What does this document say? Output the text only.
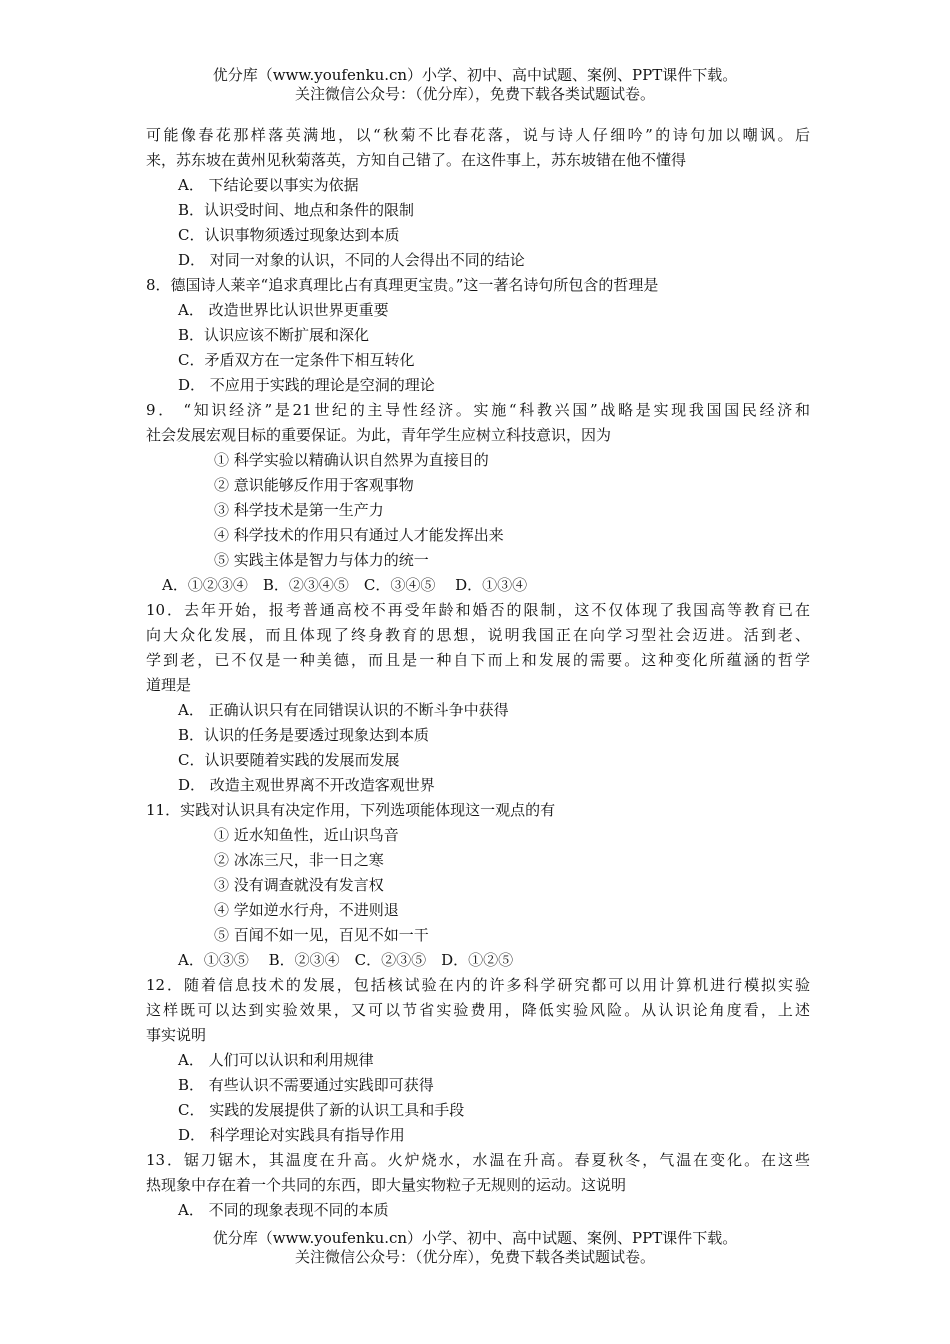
优分库（www.youfenku.cn）小学、初中、高中试题、案例、PPT课件下载。
关注微信公众号：（优分库），免费下载各类试题试卷。
可能像春花那样落英满地，以“秋菊不比春花落，说与诗人仔细吟”的诗句加以嘲讽。后
来，苏东坡在黄州见秋菊落英，方知自己错了。在这件事上，苏东坡错在他不懂得
A． 下结论要以事实为依据
B．认识受时间、地点和条件的限制
C．认识事物须透过现象达到本质
D． 对同一对象的认识，不同的人会得出不同的结论
8．德国诗人莱辛“追求真理比占有真理更宝贵。”这一著名诗句所包含的哲理是
A． 改造世界比认识世界更重要
B．认识应该不断扩展和深化
C．矛盾双方在一定条件下相互转化
D． 不应用于实践的理论是空洞的理论
9． “知识经济”是21世纪的主导性经济。实施“科教兴国”战略是实现我国国民经济和
社会发展宏观目标的重要保证。为此，青年学生应树立科技意识，因为
① 科学实验以精确认识自然界为直接目的
② 意识能够反作用于客观事物
③ 科学技术是第一生产力
④ 科学技术的作用只有通过人才能发挥出来
⑤ 实践主体是智力与体力的统一
A．①②③④　B．②③④⑤　C．③④⑤　 D．①③④
10．去年开始，报考普通高校不再受年龄和婚否的限制，这不仅体现了我国高等教育已在
向大众化发展，而且体现了终身教育的思想，说明我国正在向学习型社会迈进。活到老、
学到老，已不仅是一种美德，而且是一种自下而上和发展的需要。这种变化所蕴涵的哲学
道理是
A． 正确认识只有在同错误认识的不断斗争中获得
B．认识的任务是要透过现象达到本质
C．认识要随着实践的发展而发展
D． 改造主观世界离不开改造客观世界
11．实践对认识具有决定作用，下列选项能体现这一观点的有
① 近水知鱼性，近山识鸟音
② 冰冻三尺，非一日之寒
③ 没有调查就没有发言权
④ 学如逆水行舟，不进则退
⑤ 百闻不如一见，百见不如一干
A．①③⑤　 B．②③④　C．②③⑤　D．①②⑤
12．随着信息技术的发展，包括核试验在内的许多科学研究都可以用计算机进行模拟实验
这样既可以达到实验效果，又可以节省实验费用，降低实验风险。从认识论角度看，上述
事实说明
A． 人们可以认识和利用规律
B． 有些认识不需要通过实践即可获得
C． 实践的发展提供了新的认识工具和手段
D． 科学理论对实践具有指导作用
13．锯刀锯木，其温度在升高。火炉烧水，水温在升高。春夏秋冬，气温在变化。在这些
热现象中存在着一个共同的东西，即大量实物粒子无规则的运动。这说明
A． 不同的现象表现不同的本质
优分库（www.youfenku.cn）小学、初中、高中试题、案例、PPT课件下载。
关注微信公众号：（优分库），免费下载各类试题试卷。
